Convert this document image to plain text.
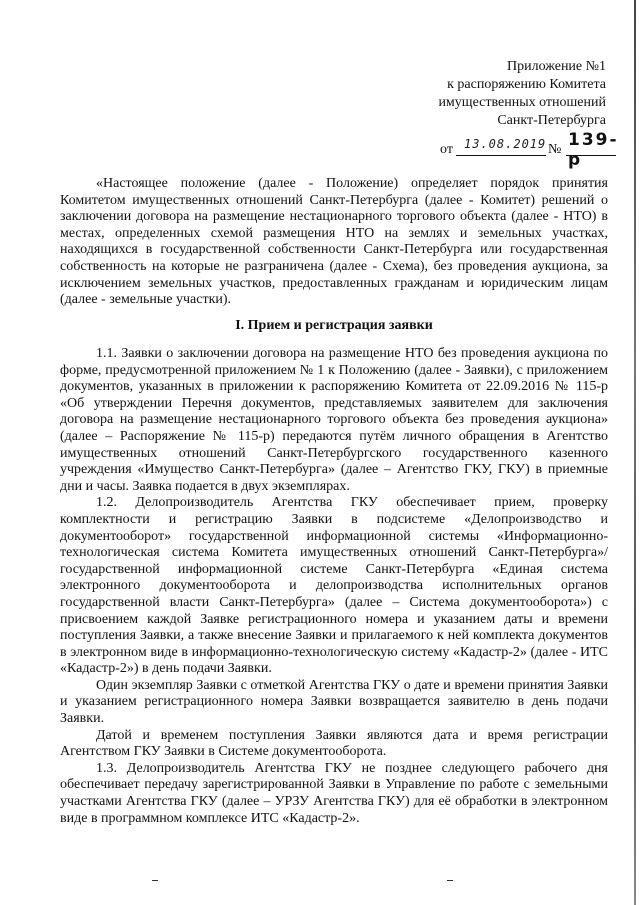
Приложение №1
к распоряжению Комитета
имущественных отношений
Санкт-Петербурга
от 13.08.2019 № 139-р

«Настоящее положение (далее - Положение) определяет порядок принятия Комитетом имущественных отношений Санкт-Петербурга (далее - Комитет) решений о заключении договора на размещение нестационарного торгового объекта (далее - НТО) в местах, определенных схемой размещения НТО на землях и земельных участках, находящихся в государственной собственности Санкт-Петербурга или государственная собственность на которые не разграничена (далее - Схема), без проведения аукциона, за исключением земельных участков, предоставленных гражданам и юридическим лицам (далее - земельные участки).

I. Прием и регистрация заявки

1.1. Заявки о заключении договора на размещение НТО без проведения аукциона по форме, предусмотренной приложением № 1 к Положению (далее - Заявки), с приложением документов, указанных в приложении к распоряжению Комитета от 22.09.2016 № 115-р «Об утверждении Перечня документов, представляемых заявителем для заключения договора на размещение нестационарного торгового объекта без проведения аукциона» (далее – Распоряжение № 115-р) передаются путём личного обращения в Агентство имущественных отношений Санкт-Петербургского государственного казенного учреждения «Имущество Санкт-Петербурга» (далее – Агентство ГКУ, ГКУ) в приемные дни и часы. Заявка подается в двух экземплярах.

1.2. Делопроизводитель Агентства ГКУ обеспечивает прием, проверку комплектности и регистрацию Заявки в подсистеме «Делопроизводство и документооборот» государственной информационной системы «Информационно-технологическая система Комитета имущественных отношений Санкт-Петербурга»/ государственной информационной системе Санкт-Петербурга «Единая система электронного документооборота и делопроизводства исполнительных органов государственной власти Санкт-Петербурга» (далее – Система документооборота») с присвоением каждой Заявке регистрационного номера и указанием даты и времени поступления Заявки, а также внесение Заявки и прилагаемого к ней комплекта документов в электронном виде в информационно-технологическую систему «Кадастр-2» (далее - ИТС «Кадастр-2») в день подачи Заявки.

Один экземпляр Заявки с отметкой Агентства ГКУ о дате и времени принятия Заявки и указанием регистрационного номера Заявки возвращается заявителю в день подачи Заявки.

Датой и временем поступления Заявки являются дата и время регистрации Агентством ГКУ Заявки в Системе документооборота.

1.3. Делопроизводитель Агентства ГКУ не позднее следующего рабочего дня обеспечивает передачу зарегистрированной Заявки в Управление по работе с земельными участками Агентства ГКУ (далее – УРЗУ Агентства ГКУ) для её обработки в электронном виде в программном комплексе ИТС «Кадастр-2».
